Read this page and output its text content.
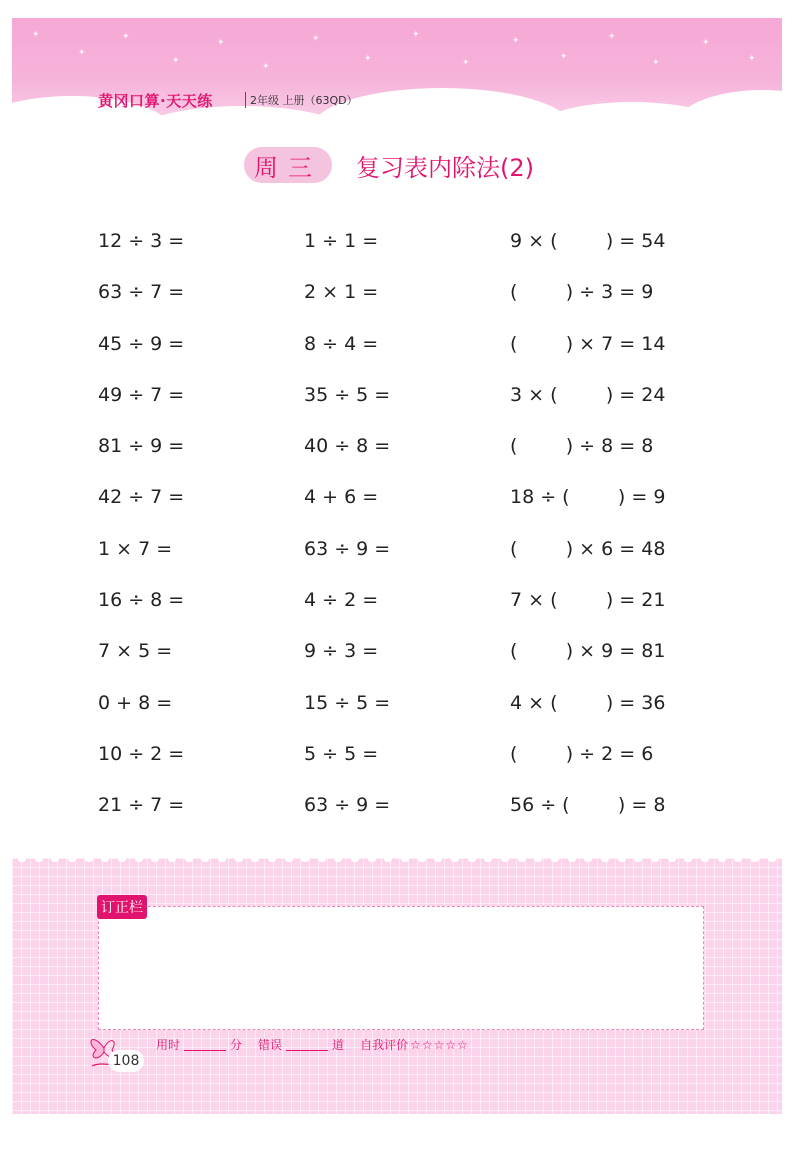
✦
✦
✦
✦
✦
✦
✦
✦
✦
✦
✦
✦
✦
✦
✦
✦
黄冈口算·天天练	2年级 上册（63QD）
周三	复习表内除法(2)
12 ÷ 3 =	1 ÷ 1 =	9 × (        ) = 54
63 ÷ 7 =	2 × 1 =	(        ) ÷ 3 = 9
45 ÷ 9 =	8 ÷ 4 =	(        ) × 7 = 14
49 ÷ 7 =	35 ÷ 5 =	3 × (        ) = 24
81 ÷ 9 =	40 ÷ 8 =	(        ) ÷ 8 = 8
42 ÷ 7 =	4 + 6 =	18 ÷ (        ) = 9
1 × 7 =	63 ÷ 9 =	(        ) × 6 = 48
16 ÷ 8 =	4 ÷ 2 =	7 × (        ) = 21
7 × 5 =	9 ÷ 3 =	(        ) × 9 = 81
0 + 8 =	15 ÷ 5 =	4 × (        ) = 36
10 ÷ 2 =	5 ÷ 5 =	(        ) ÷ 2 = 6
21 ÷ 7 =	63 ÷ 9 =	56 ÷ (        ) = 8
订正栏
108
用时	分 错误	道 自我评价 ☆☆☆☆☆
